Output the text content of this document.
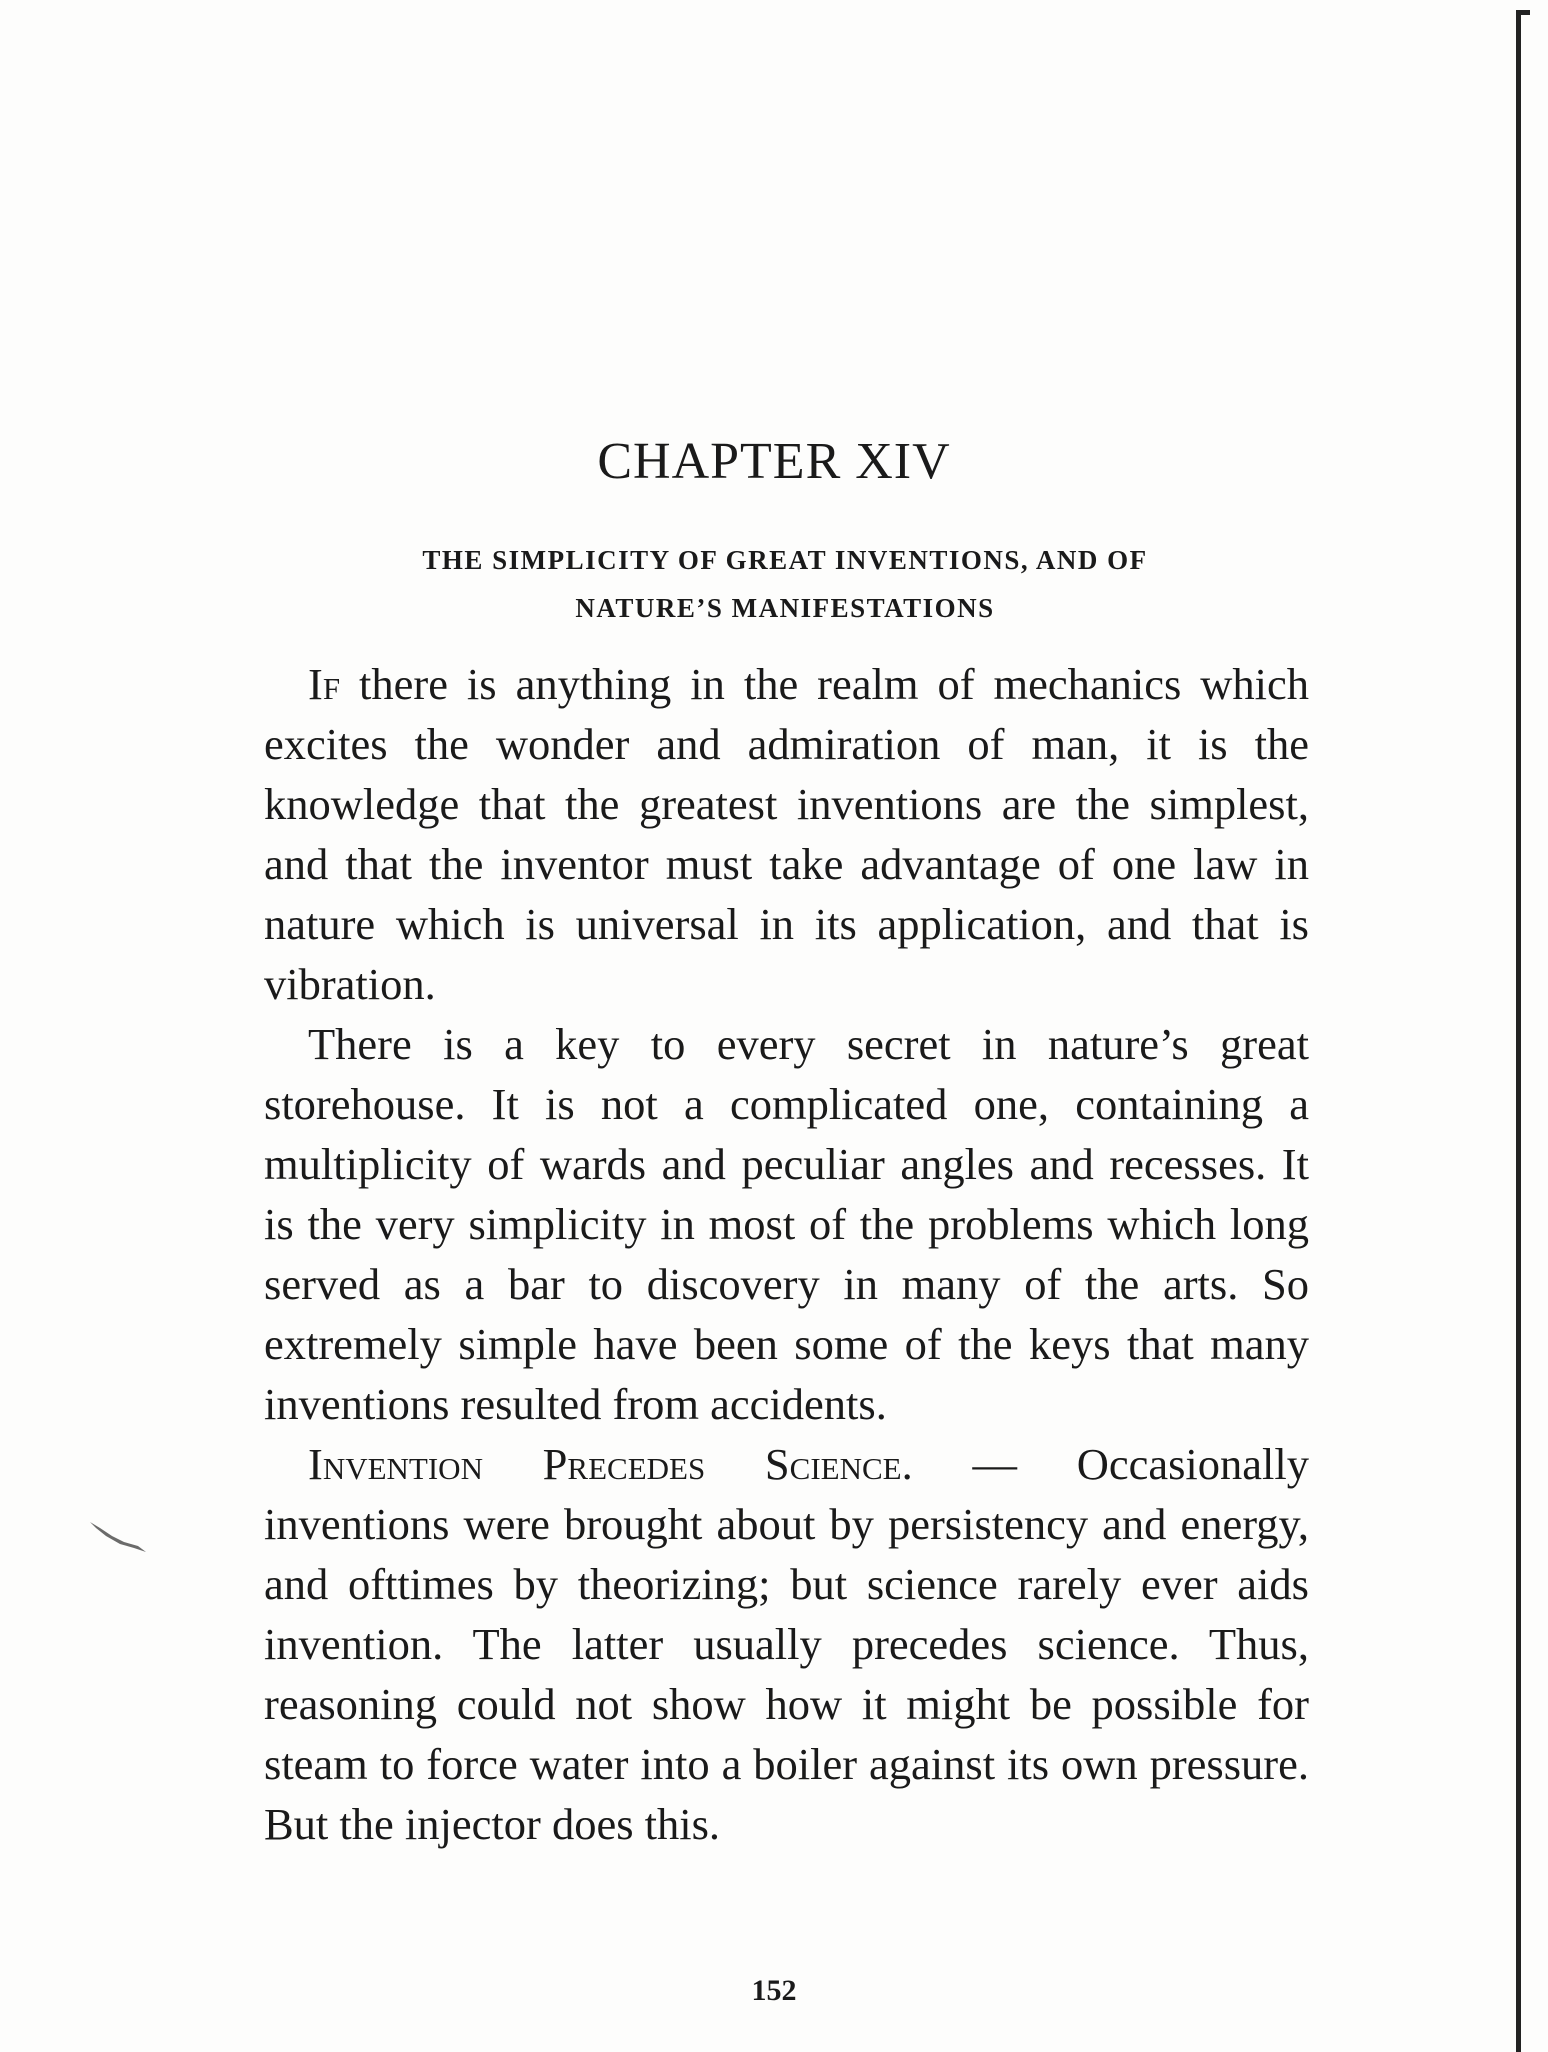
CHAPTER XIV
THE SIMPLICITY OF GREAT INVENTIONS, AND OF
NATURE’S MANIFESTATIONS

If there is anything in the realm of mechanics which excites the wonder and admiration of man, it is the knowledge that the greatest inventions are the simplest, and that the inventor must take advantage of one law in nature which is universal in its application, and that is vibration.

There is a key to every secret in nature’s great storehouse. It is not a complicated one, containing a multiplicity of wards and peculiar angles and recesses. It is the very simplicity in most of the problems which long served as a bar to discovery in many of the arts. So extremely simple have been some of the keys that many inventions resulted from accidents.

Invention Precedes Science. — Occasionally inventions were brought about by persistency and energy, and ofttimes by theorizing; but science rarely ever aids invention. The latter usually precedes science. Thus, reasoning could not show how it might be possible for steam to force water into a boiler against its own pressure. But the injector does this.

152
